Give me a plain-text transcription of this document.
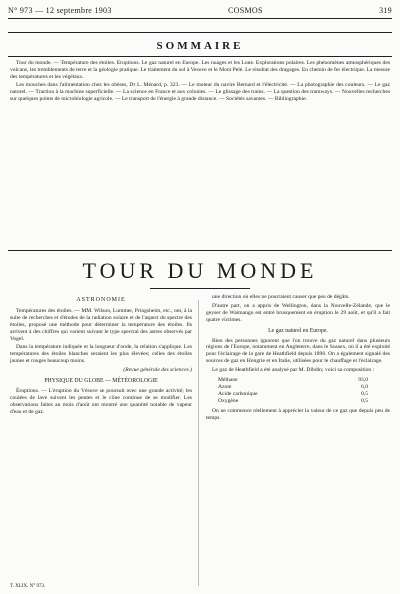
N° 973 — 12 septembre 1903	COSMOS	319
SOMMAIRE

Tour du monde. — Température des étoiles. Éruptions. Le gaz naturel en Europe. Les nuages et les Lune. Explorations polaires. Les phénomènes atmosphériques des volcans, les tremblements de terre et la géologie pratique. Le traitement du sol à Vesuve et le Mont Pelé. Le résultat des dragages. En chemin de fer électrique. La mesure des températures et les végétaux.

Les mouches dans l'alimentation chez les obèses, Dr L. Ménard, p. 323. — Le moteur du navire Bernard et l'électricité. — La photographie des couleurs. — Le gaz naturel. — Traction à la machine superficielle. — La science en France et aux colonies. — Le glissage des trains. — La question des tramways. — Nouvelles recherches sur quelques points de microbiologie agricole. — Le transport de l'énergie à grande distance. — Sociétés savantes. — Bibliographie.

TOUR DU MONDE
ASTRONOMIE

Températures des étoiles. — MM. Wilson, Lummer, Pringsheim, etc., ont, à la suite de recherches et d'études de la radiation solaire et de l'aspect du spectre des étoiles, proposé une méthode pour déterminer la température des étoiles. Ils arrivent à des chiffres qui varient suivant le type spectral des astres observés par Vogel.

Dans la température indiquée et la longueur d'onde, la relation s'applique. Les températures des étoiles blanches seraient les plus élevées; celles des étoiles jaunes et rouges beaucoup moins.

(Revue générale des sciences.)

PHYSIQUE DU GLOBE — MÉTÉOROLOGIE

Éruptions. — L'éruption du Vésuve se poursuit avec une grande activité; les coulées de lave suivent les pentes et le cône continue de se modifier. Les observations faites au mois d'août ont montré une quantité notable de vapeur d'eau et de gaz.

une direction où elles ne pourraient causer que peu de dégâts.

D'autre part, on a appris de Wellington, dans la Nouvelle-Zélande, que le geyser de Waimangu est entré brusquement en éruption le 29 août, et qu'il a fait quatre victimes.

Le gaz naturel en Europe.

Bien des personnes ignorent que l'on trouve du gaz naturel dans plusieurs régions de l'Europe, notamment en Angleterre, dans le Sussex, où il a été exploité pour l'éclairage de la gare de Heathfield depuis 1896. On a également signalé des sources de gaz en Hongrie et en Italie, utilisées pour le chauffage et l'éclairage.

Le gaz de Heathfield a été analysé par M. Dibdin; voici sa composition :

Méthane	93,0
Azote	6,0
Acide carbonique	0,5
Oxygène	0,5

On ne commence réellement à apprécier la valeur de ce gaz que depuis peu de temps.

T. XLIX. N° 973.
